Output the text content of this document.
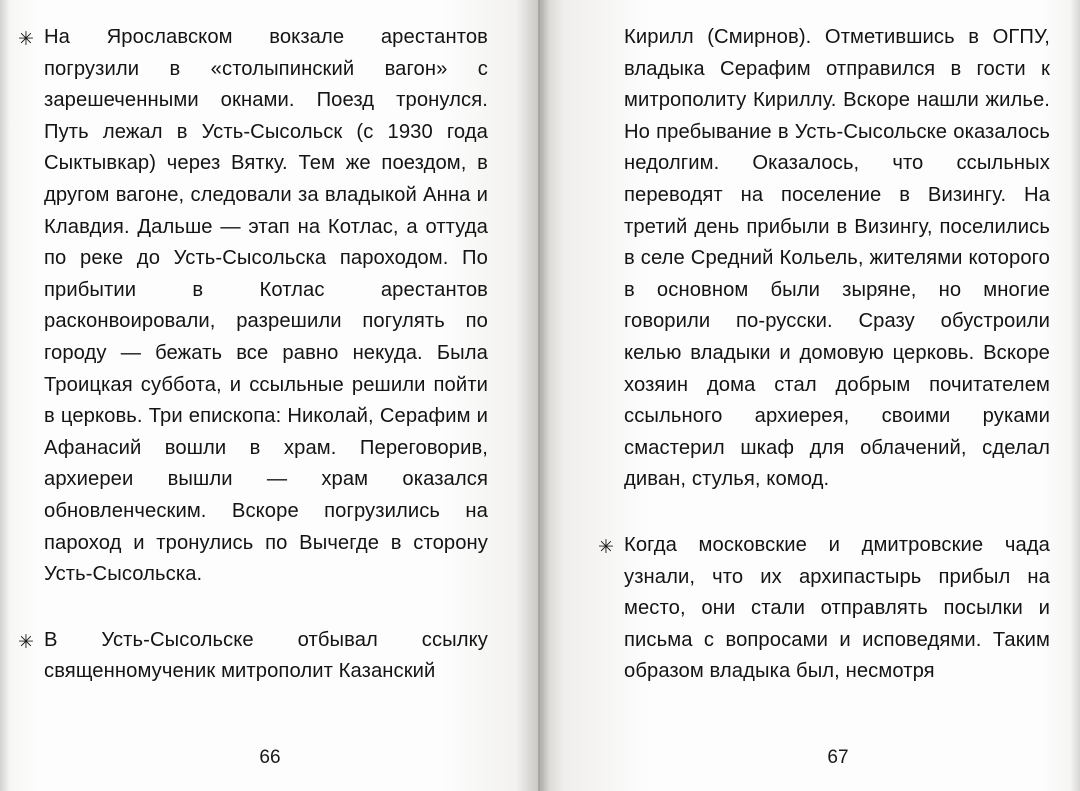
✳ На Ярославском вокзале арестантов погрузили в «столыпинский вагон» с зарешеченными окнами. Поезд тронулся. Путь лежал в Усть-Сысольск (с 1930 года Сыктывкар) через Вятку. Тем же поездом, в другом вагоне, следовали за владыкой Анна и Клавдия. Дальше — этап на Котлас, а оттуда по реке до Усть-Сысольска пароходом. По прибытии в Котлас арестантов расконвоировали, разрешили погулять по городу — бежать все равно некуда. Была Троицкая суббота, и ссыльные решили пойти в церковь. Три епископа: Николай, Серафим и Афанасий вошли в храм. Переговорив, архиереи вышли — храм оказался обновленческим. Вскоре погрузились на пароход и тронулись по Вычегде в сторону Усть-Сысольска.
✳ В Усть-Сысольске отбывал ссылку священномученик митрополит Казанский
66
Кирилл (Смирнов). Отметившись в ОГПУ, владыка Серафим отправился в гости к митрополиту Кириллу. Вскоре нашли жилье. Но пребывание в Усть-Сысольске оказалось недолгим. Оказалось, что ссыльных переводят на поселение в Визингу. На третий день прибыли в Визингу, поселились в селе Средний Кольель, жителями которого в основном были зыряне, но многие говорили по-русски. Сразу обустроили келью владыки и домовую церковь. Вскоре хозяин дома стал добрым почитателем ссыльного архиерея, своими руками смастерил шкаф для облачений, сделал диван, стулья, комод.
✳ Когда московские и дмитровские чада узнали, что их архипастырь прибыл на место, они стали отправлять посылки и письма с вопросами и исповедями. Таким образом владыка был, несмотря
67
